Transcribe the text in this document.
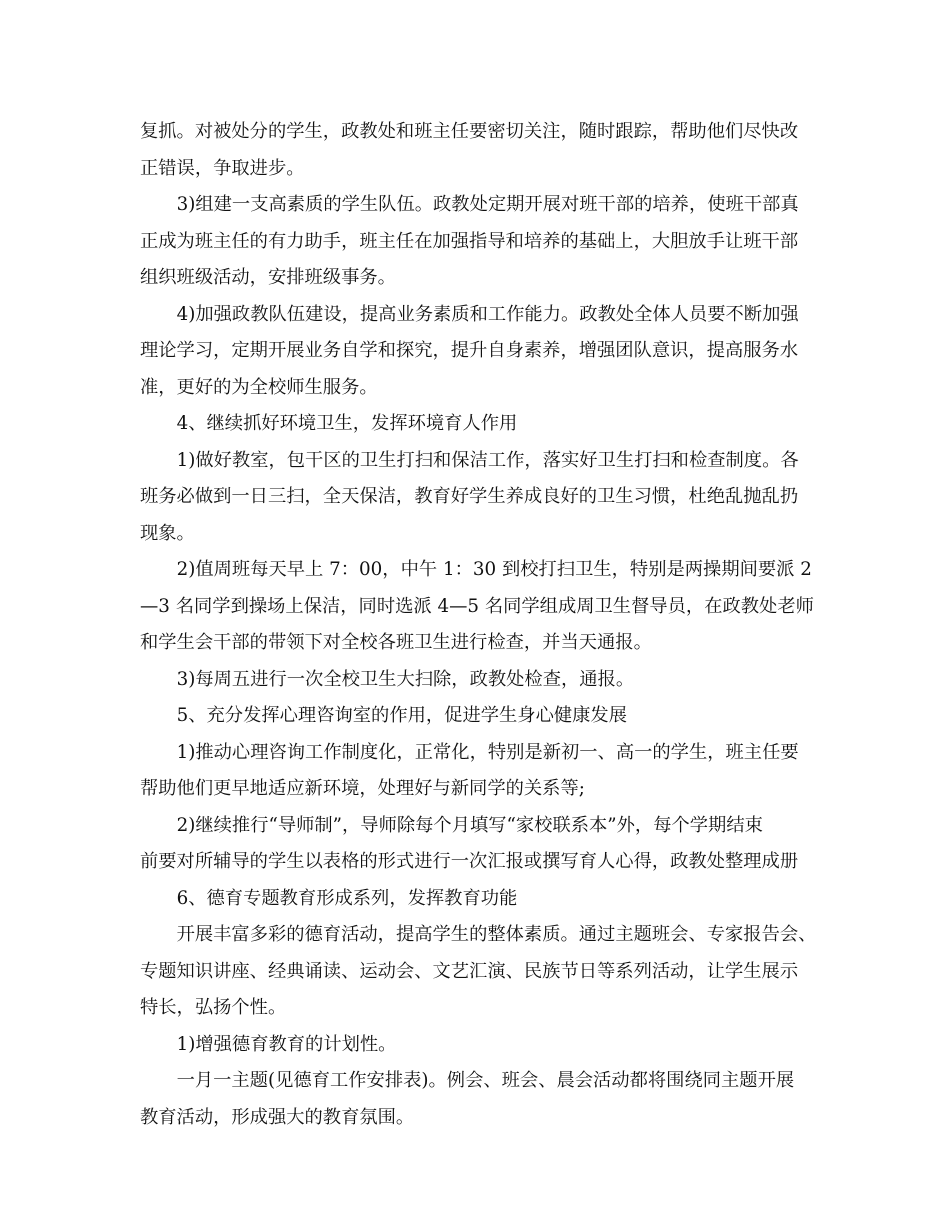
复抓。对被处分的学生，政教处和班主任要密切关注，随时跟踪，帮助他们尽快改
正错误，争取进步。

3)组建一支高素质的学生队伍。政教处定期开展对班干部的培养，使班干部真
正成为班主任的有力助手，班主任在加强指导和培养的基础上，大胆放手让班干部
组织班级活动，安排班级事务。

4)加强政教队伍建设，提高业务素质和工作能力。政教处全体人员要不断加强
理论学习，定期开展业务自学和探究，提升自身素养，增强团队意识，提高服务水
准，更好的为全校师生服务。

4、继续抓好环境卫生，发挥环境育人作用

1)做好教室，包干区的卫生打扫和保洁工作，落实好卫生打扫和检查制度。各
班务必做到一日三扫，全天保洁，教育好学生养成良好的卫生习惯，杜绝乱抛乱扔
现象。

2)值周班每天早上 7：00，中午 1：30 到校打扫卫生，特别是两操期间要派 2
—3 名同学到操场上保洁，同时选派 4—5 名同学组成周卫生督导员，在政教处老师
和学生会干部的带领下对全校各班卫生进行检查，并当天通报。

3)每周五进行一次全校卫生大扫除，政教处检查，通报。

5、充分发挥心理咨询室的作用，促进学生身心健康发展

1)推动心理咨询工作制度化，正常化，特别是新初一、高一的学生，班主任要
帮助他们更早地适应新环境，处理好与新同学的关系等;

2)继续推行“导师制”，导师除每个月填写“家校联系本”外，每个学期结束
前要对所辅导的学生以表格的形式进行一次汇报或撰写育人心得，政教处整理成册

6、德育专题教育形成系列，发挥教育功能

开展丰富多彩的德育活动，提高学生的整体素质。通过主题班会、专家报告会、
专题知识讲座、经典诵读、运动会、文艺汇演、民族节日等系列活动，让学生展示
特长，弘扬个性。

1)增强德育教育的计划性。

一月一主题(见德育工作安排表)。例会、班会、晨会活动都将围绕同主题开展
教育活动，形成强大的教育氛围。
